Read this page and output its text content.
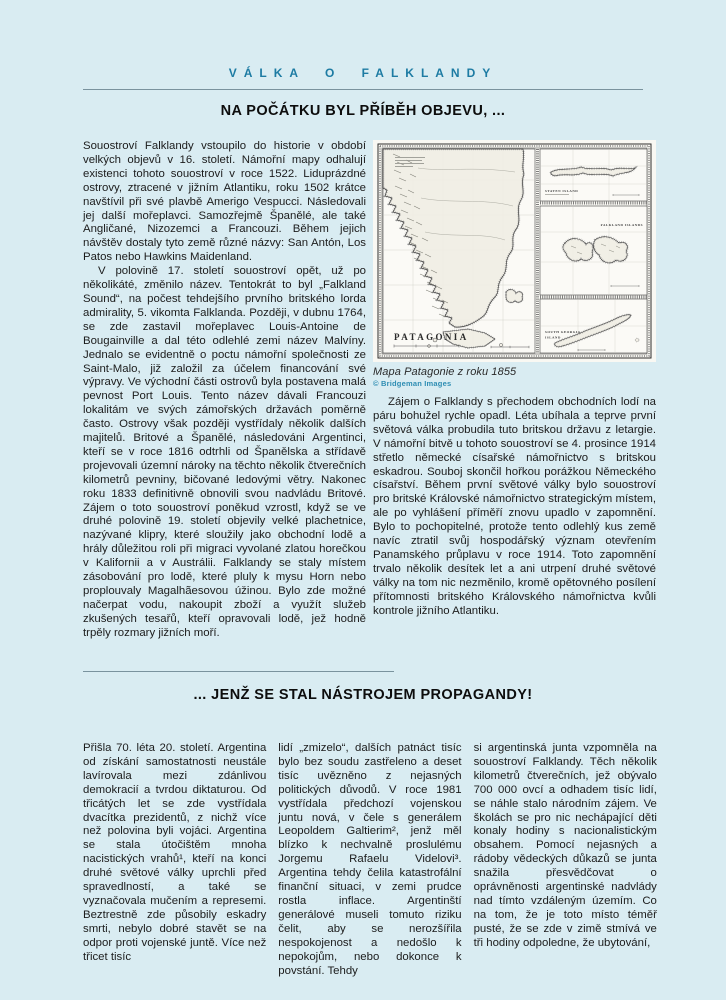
VÁLKA O FALKLANDY
NA POČÁTKU BYL PŘÍBĚH OBJEVU, ...

Souostroví Falklandy vstoupilo do historie v období velkých objevů v 16. století. Námořní mapy odhalují existenci tohoto souostroví v roce 1522. Liduprázdné ostrovy, ztracené v jižním Atlantiku, roku 1502 krátce navštívil při své plavbě Amerigo Vespucci. Následovali jej další mořeplavci. Samozřejmě Španělé, ale také Angličané, Nizozemci a Francouzi. Během jejich návštěv dostaly tyto země různé názvy: San Antón, Los Patos nebo Hawkins Maidenland.

V polovině 17. století souostroví opět, už po několikáté, změnilo název. Tentokrát to byl „Falkland Sound“, na počest tehdejšího prvního britského lorda admirality, 5. vikomta Falklanda. Později, v dubnu 1764, se zde zastavil mořeplavec Louis-Antoine de Bougainville a dal této odlehlé zemi název Malvíny. Jednalo se evidentně o poctu námořní společnosti ze Saint-Malo, již založil za účelem financování své výpravy. Ve východní části ostrovů byla postavena malá pevnost Port Louis. Tento název dávali Francouzi lokalitám ve svých zámořských državách poměrně často. Ostrovy však později vystřídaly několik dalších majitelů. Britové a Španělé, následováni Argentinci, kteří se v roce 1816 odtrhli od Španělska a střídavě projevovali územní nároky na těchto několik čtverečních kilometrů pevniny, bičované ledovými větry. Nakonec roku 1833 definitivně obnovili svou nadvládu Britové. Zájem o toto souostroví poněkud vzrostl, když se ve druhé polovině 19. století objevily velké plachetnice, nazývané klipry, které sloužily jako obchodní lodě a hrály důležitou roli při migraci vyvolané zlatou horečkou v Kalifornii a v Austrálii. Falklandy se staly místem zásobování pro lodě, které pluly k mysu Horn nebo proplouvaly Magalhãesovou úžinou. Bylo zde možné načerpat vodu, nakoupit zboží a využít služeb zkušených tesařů, kteří opravovali lodě, jež hodně trpěly rozmary jižních moří.

PATAGONIA
STATEN ISLAND
FALKLAND ISLANDS
SOUTH GEORGIA
ISLAND
Mapa Patagonie z roku 1855
© Bridgeman Images

Zájem o Falklandy s přechodem obchodních lodí na páru bohužel rychle opadl. Léta ubíhala a teprve první světová válka probudila tuto britskou državu z letargie. V námořní bitvě u tohoto souostroví se 4. prosince 1914 střetlo německé císařské námořnictvo s britskou eskadrou. Souboj skončil hořkou porážkou Německého císařství. Během první světové války bylo souostroví pro britské Královské námořnictvo strategickým místem, ale po vyhlášení příměří znovu upadlo v zapomnění. Bylo to pochopitelné, protože tento odlehlý kus země navíc ztratil svůj hospodářský význam otevřením Panamského průplavu v roce 1914. Toto zapomnění trvalo několik desítek let a ani utrpení druhé světové války na tom nic nezměnilo, kromě opětovného posílení přítomnosti britského Královského námořnictva kvůli kontrole jižního Atlantiku.

... JENŽ SE STAL NÁSTROJEM PROPAGANDY!

Přišla 70. léta 20. století. Argentina od získání samostatnosti neustále lavírovala mezi zdánlivou demokracií a tvrdou diktaturou. Od třicátých let se zde vystřídala dvacítka prezidentů, z nichž více než polovina byli vojáci. Argentina se stala útočištěm mnoha nacistických vrahů¹, kteří na konci druhé světové války uprchli před spravedlností, a také se vyznačovala mučením a represemi. Beztrestně zde působily eskadry smrti, nebylo dobré stavět se na odpor proti vojenské juntě. Více než třicet tisíc

lidí „zmizelo“, dalších patnáct tisíc bylo bez soudu zastřeleno a deset tisíc uvězněno z nejasných politických důvodů. V roce 1981 vystřídala předchozí vojenskou juntu nová, v čele s generálem Leopoldem Galtierim², jenž měl blízko k nechvalně proslulému Jorgemu Rafaelu Videlovi³. Argentina tehdy čelila katastrofální finanční situaci, v zemi prudce rostla inflace. Argentinští generálové museli tomuto riziku čelit, aby se nerozšířila nespokojenost a nedošlo k nepokojům, nebo dokonce k povstání. Tehdy

si argentinská junta vzpomněla na souostroví Falklandy. Těch několik kilometrů čtverečních, jež obývalo 700 000 ovcí a odhadem tisíc lidí, se náhle stalo národním zájem. Ve školách se pro nic nechápající děti konaly hodiny s nacionalistickým obsahem. Pomocí nejasných a rádoby vědeckých důkazů se junta snažila přesvědčovat o oprávněnosti argentinské nadvlády nad tímto vzdáleným územím. Co na tom, že je toto místo téměř pusté, že se zde v zimě stmívá ve tři hodiny odpoledne, že ubytování,
